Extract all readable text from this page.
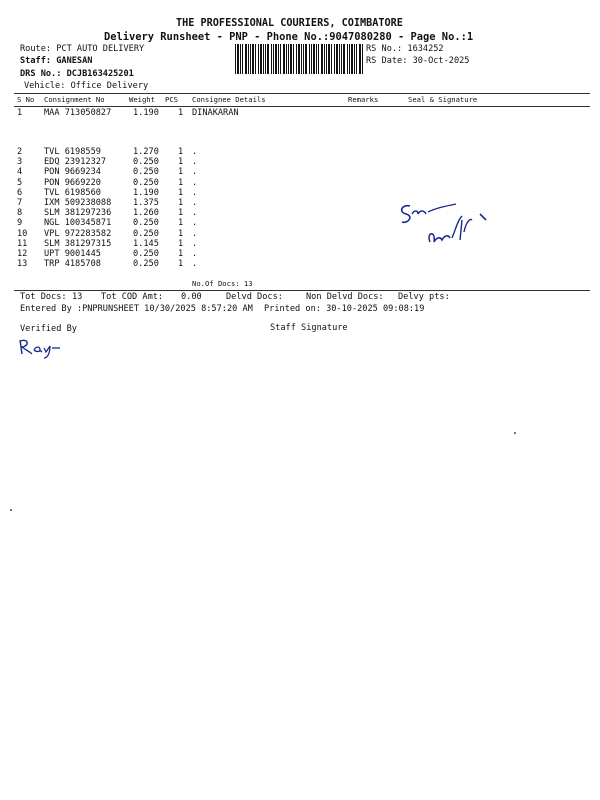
THE PROFESSIONAL COURIERS, COIMBATORE
Delivery Runsheet - PNP - Phone No.:9047080280 - Page No.:1
Route: PCT AUTO DELIVERY
Staff: GANESAN
DRS No.: DCJB163425201
Vehicle: Office Delivery
RS No.: 1634252
RS Date: 30-Oct-2025
S No Consignment No	Weight PCS Consignee Details	Remarks	Seal & Signature
1	MAA 713050827	1.190 1 DINAKARAN
2	TVL 6198559	1.270 1 .
3	EDQ 23912327	0.250 1 .
4	PON 9669234	0.250 1 .
5	PON 9669220	0.250 1 .
6	TVL 6198560	1.190 1 .
7	IXM 509238088	1.375 1 .
8	SLM 381297236	1.260 1 .
9	NGL 100345871	0.250 1 .
10 VPL 972283582	0.250 1 .
11 SLM 381297315	1.145 1 .
12 UPT 9001445	0.250 1 .
13 TRP 4185708	0.250 1 .
No.Of Docs: 13
Tot Docs: 13 Tot COD Amt: 0.00	Delvd Docs:	Non Delvd Docs: Delvy pts:
Entered By :PNPRUNSHEET 10/30/2025 8:57:20 AM Printed on: 30-10-2025 09:08:19
Verified By	Staff Signature
